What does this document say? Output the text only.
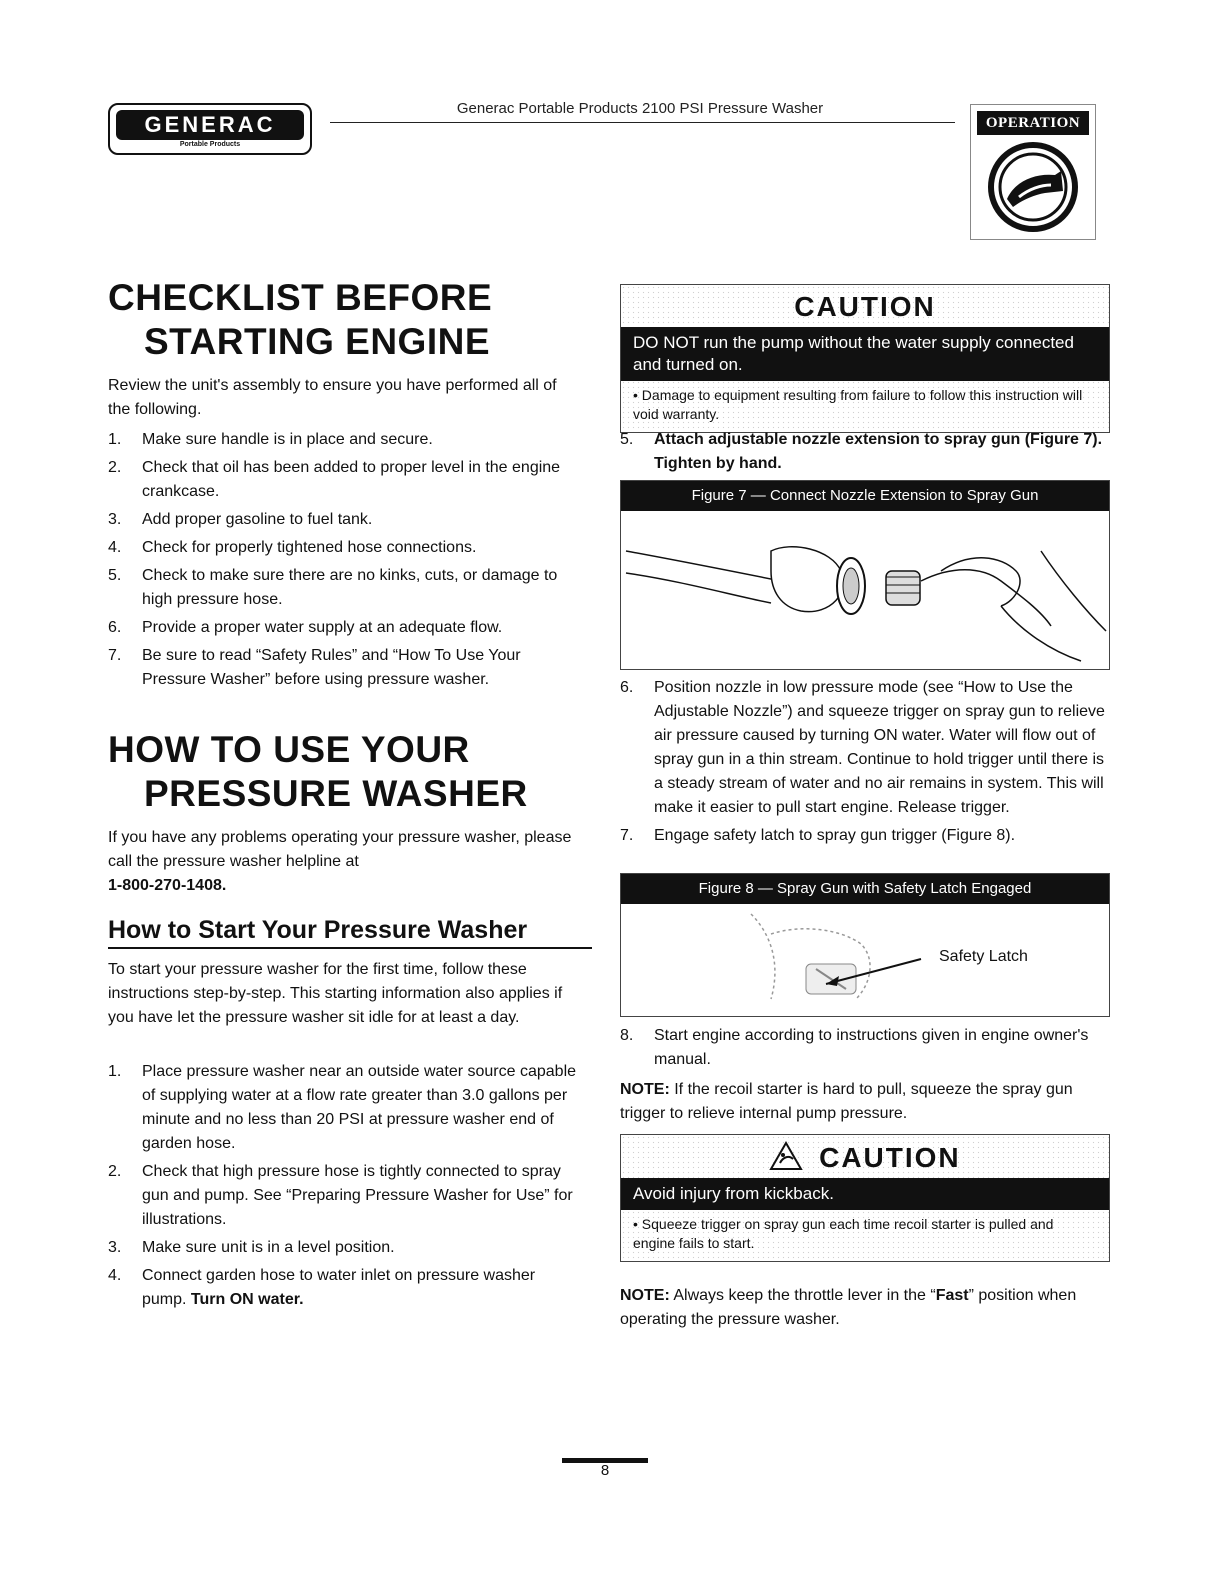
GENERAC
Portable Products
Generac Portable Products 2100 PSI Pressure Washer
OPERATION
CHECKLIST BEFORE
STARTING ENGINE
Review the unit's assembly to ensure you have performed all of the following.
1. Make sure handle is in place and secure.
2. Check that oil has been added to proper level in the engine crankcase.
3. Add proper gasoline to fuel tank.
4. Check for properly tightened hose connections.
5. Check to make sure there are no kinks, cuts, or damage to high pressure hose.
6. Provide a proper water supply at an adequate flow.
7. Be sure to read “Safety Rules” and “How To Use Your Pressure Washer” before using pressure washer.
HOW TO USE YOUR
PRESSURE WASHER
If you have any problems operating your pressure washer, please call the pressure washer helpline at
1-800-270-1408.
How to Start Your Pressure Washer
To start your pressure washer for the first time, follow these instructions step-by-step. This starting information also applies if you have let the pressure washer sit idle for at least a day.
1. Place pressure washer near an outside water source capable of supplying water at a flow rate greater than 3.0 gallons per minute and no less than 20 PSI at pressure washer end of garden hose.
2. Check that high pressure hose is tightly connected to spray gun and pump. See “Preparing Pressure Washer for Use” for illustrations.
3. Make sure unit is in a level position.
4. Connect garden hose to water inlet on pressure washer pump. Turn ON water.
CAUTION
DO NOT run the pump without the water supply connected and turned on.
• Damage to equipment resulting from failure to follow this instruction will void warranty.
5. Attach adjustable nozzle extension to spray gun (Figure 7). Tighten by hand.
Figure 7 — Connect Nozzle Extension to Spray Gun
6. Position nozzle in low pressure mode (see “How to Use the Adjustable Nozzle”) and squeeze trigger on spray gun to relieve air pressure caused by turning ON water. Water will flow out of spray gun in a thin stream. Continue to hold trigger until there is a steady stream of water and no air remains in system. This will make it easier to pull start engine. Release trigger.
7. Engage safety latch to spray gun trigger (Figure 8).
Figure 8 — Spray Gun with Safety Latch Engaged
Safety Latch
8. Start engine according to instructions given in engine owner's manual.
NOTE: If the recoil starter is hard to pull, squeeze the spray gun trigger to relieve internal pump pressure.
CAUTION
Avoid injury from kickback.
• Squeeze trigger on spray gun each time recoil starter is pulled and engine fails to start.
NOTE: Always keep the throttle lever in the “Fast” position when operating the pressure washer.
8
